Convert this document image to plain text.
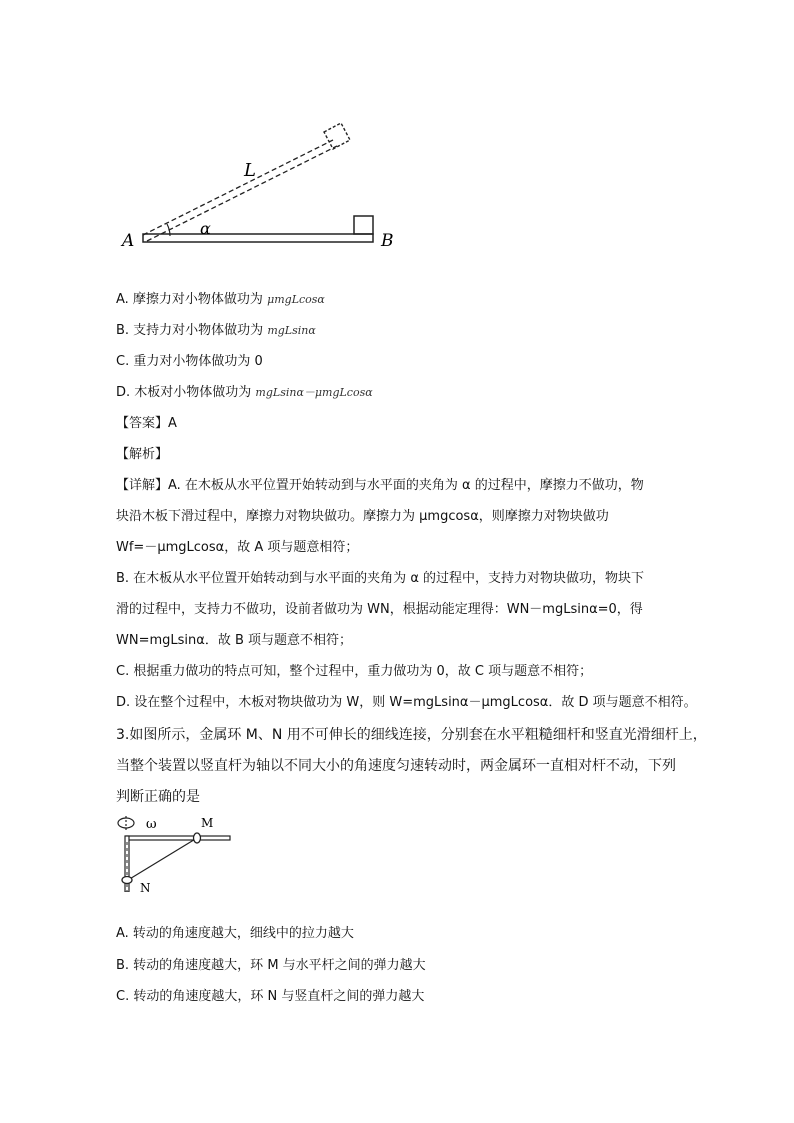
A	B
L
α
A. 摩擦力对小物体做功为 μmgLcosα
B. 支持力对小物体做功为 mgLsinα
C. 重力对小物体做功为 0
D. 木板对小物体做功为 mgLsinα－μmgLcosα
【答案】A
【解析】
【详解】A. 在木板从水平位置开始转动到与水平面的夹角为 α 的过程中，摩擦力不做功，物
块沿木板下滑过程中，摩擦力对物块做功。摩擦力为 μmgcosα，则摩擦力对物块做功
Wf=－μmgLcosα，故 A 项与题意相符；
B. 在木板从水平位置开始转动到与水平面的夹角为 α 的过程中，支持力对物块做功，物块下
滑的过程中，支持力不做功，设前者做功为 WN，根据动能定理得：WN－mgLsinα=0，得
WN=mgLsinα．故 B 项与题意不相符；
C. 根据重力做功的特点可知，整个过程中，重力做功为 0，故 C 项与题意不相符；
D. 设在整个过程中，木板对物块做功为 W，则 W=mgLsinα－μmgLcosα．故 D 项与题意不相符。
3.如图所示，金属环 M、N 用不可伸长的细线连接，分别套在水平粗糙细杆和竖直光滑细杆上，
当整个装置以竖直杆为轴以不同大小的角速度匀速转动时，两金属环一直相对杆不动，下列
判断正确的是
ω	M
N
A. 转动的角速度越大，细线中的拉力越大
B. 转动的角速度越大，环 M 与水平杆之间的弹力越大
C. 转动的角速度越大，环 N 与竖直杆之间的弹力越大
